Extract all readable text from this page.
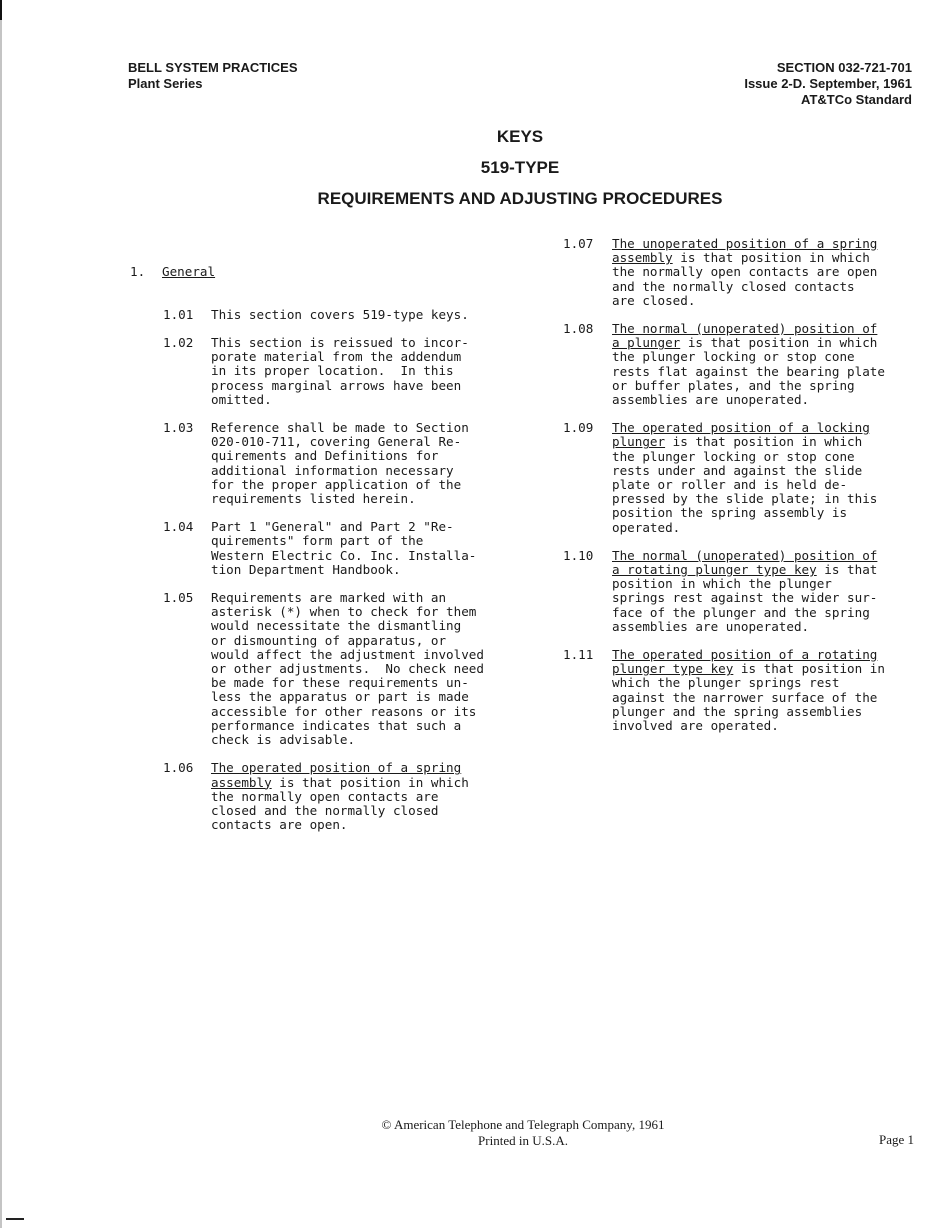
BELL SYSTEM PRACTICES
Plant Series
SECTION 032-721-701
Issue 2-D. September, 1961
AT&TCo Standard
KEYS
519-TYPE
REQUIREMENTS AND ADJUSTING PROCEDURES

1.	General

1.01	This section covers 519-type keys.
1.02	This section is reissued to incor-
porate material from the addendum
in its proper location.  In this
process marginal arrows have been
omitted.
1.03	Reference shall be made to Section
020-010-711, covering General Re-
quirements and Definitions for
additional information necessary
for the proper application of the
requirements listed herein.
1.04	Part 1 "General" and Part 2 "Re-
quirements" form part of the
Western Electric Co. Inc. Installa-
tion Department Handbook.
1.05	Requirements are marked with an
asterisk (*) when to check for them
would necessitate the dismantling
or dismounting of apparatus, or
would affect the adjustment involved
or other adjustments.  No check need
be made for these requirements un-
less the apparatus or part is made
accessible for other reasons or its
performance indicates that such a
check is advisable.
1.06	The operated position of a spring
assembly is that position in which
the normally open contacts are
closed and the normally closed
contacts are open.
1.07	The unoperated position of a spring
assembly is that position in which
the normally open contacts are open
and the normally closed contacts
are closed.
1.08	The normal (unoperated) position of
a plunger is that position in which
the plunger locking or stop cone
rests flat against the bearing plate
or buffer plates, and the spring
assemblies are unoperated.
1.09	The operated position of a locking
plunger is that position in which
the plunger locking or stop cone
rests under and against the slide
plate or roller and is held de-
pressed by the slide plate; in this
position the spring assembly is
operated.
1.10	The normal (unoperated) position of
a rotating plunger type key is that
position in which the plunger
springs rest against the wider sur-
face of the plunger and the spring
assemblies are unoperated.
1.11	The operated position of a rotating
plunger type key is that position in
which the plunger springs rest
against the narrower surface of the
plunger and the spring assemblies
involved are operated.
© American Telephone and Telegraph Company, 1961
Printed in U.S.A.	Page 1
